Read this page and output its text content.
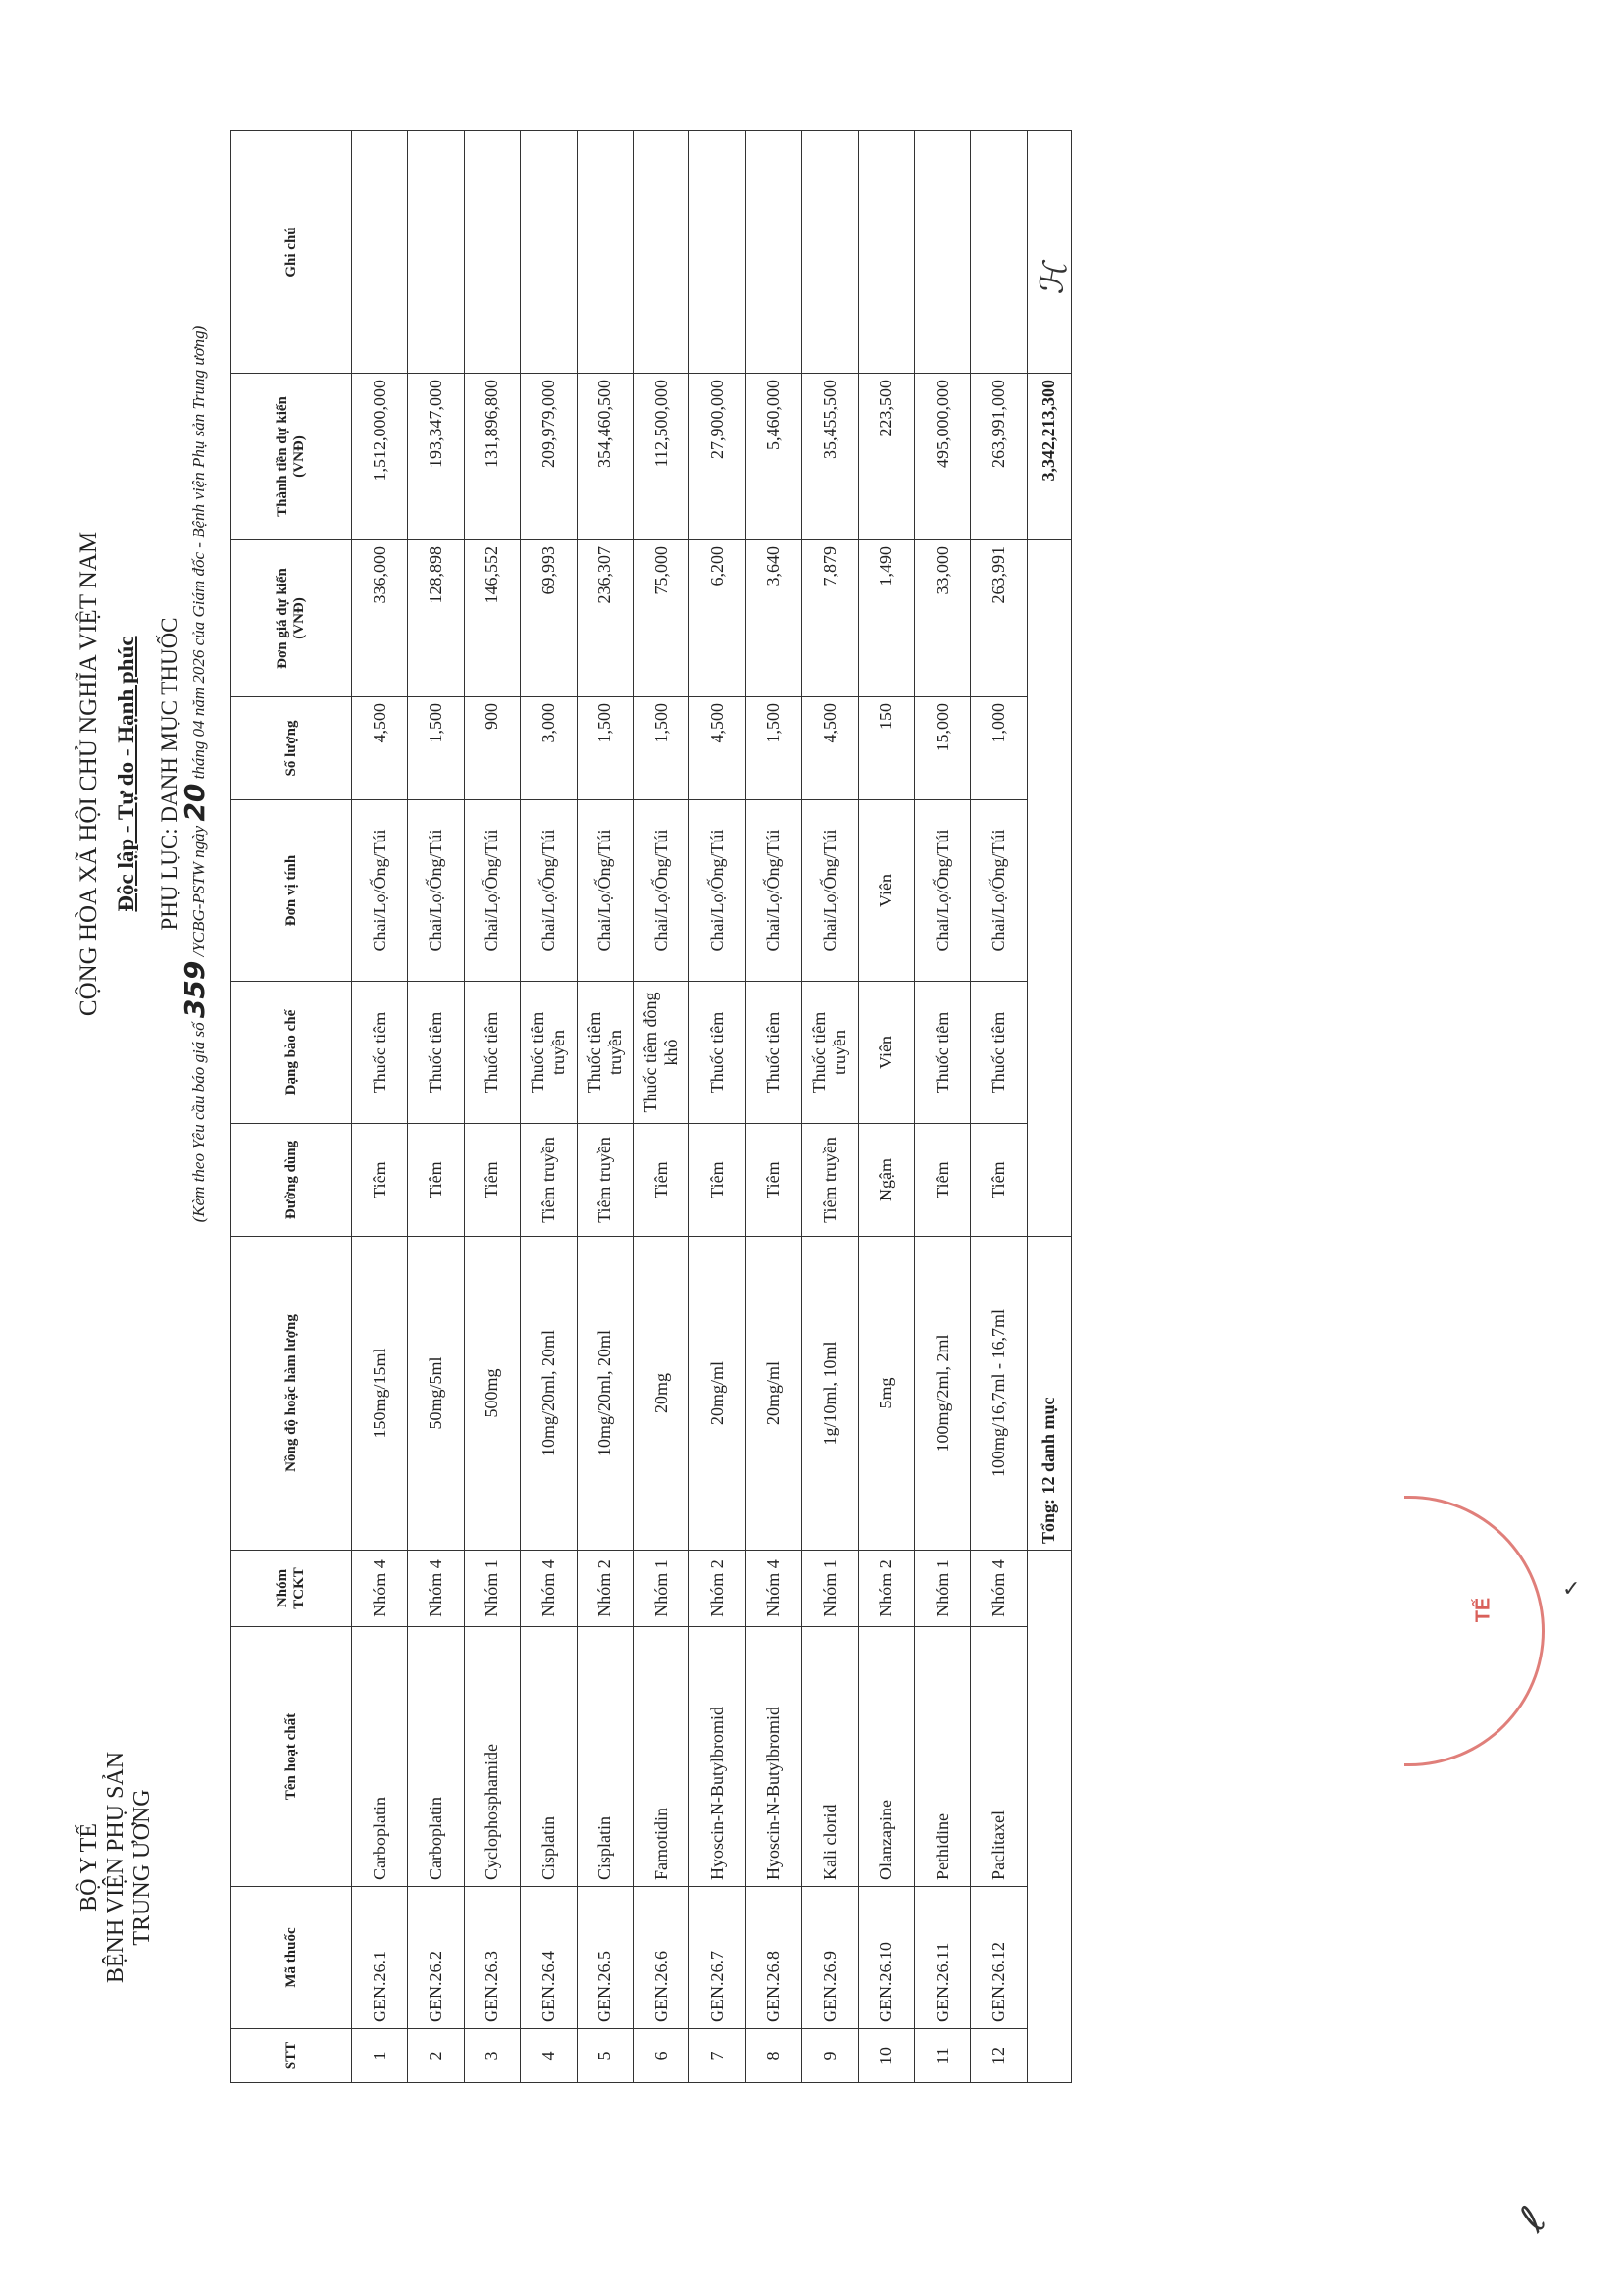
BỘ Y TẾ BỆNH VIỆN PHỤ SẢN TRUNG ƯƠNG
CỘNG HÒA XÃ HỘI CHỦ NGHĨA VIỆT NAM Độc lập - Tự do - Hạnh phúc PHỤ LỤC: DANH MỤC THUỐC
(Kèm theo Yêu cầu báo giá số 359 /YCBG-PSTW ngày 20 tháng 04 năm 2026 của Giám đốc - Bệnh viện Phụ sản Trung ương)
STT	Mã thuốc	Tên hoạt chất	Nhóm TCKT	Nồng độ hoặc hàm lượng	Đường dùng	Dạng bào chế	Đơn vị tính	Số lượng	Đơn giá dự kiến (VNĐ)	Thành tiền dự kiến (VNĐ)	Ghi chú
1	GEN.26.1	Carboplatin	Nhóm 4	150mg/15ml	Tiêm	Thuốc tiêm	Chai/Lọ/Ống/Túi	4,500	336,000	1,512,000,000	
2	GEN.26.2	Carboplatin	Nhóm 4	50mg/5ml	Tiêm	Thuốc tiêm	Chai/Lọ/Ống/Túi	1,500	128,898	193,347,000	
3	GEN.26.3	Cyclophosphamide	Nhóm 1	500mg	Tiêm	Thuốc tiêm	Chai/Lọ/Ống/Túi	900	146,552	131,896,800	
4	GEN.26.4	Cisplatin	Nhóm 4	10mg/20ml, 20ml	Tiêm truyền	Thuốc tiêm truyền	Chai/Lọ/Ống/Túi	3,000	69,993	209,979,000	
5	GEN.26.5	Cisplatin	Nhóm 2	10mg/20ml, 20ml	Tiêm truyền	Thuốc tiêm truyền	Chai/Lọ/Ống/Túi	1,500	236,307	354,460,500	
6	GEN.26.6	Famotidin	Nhóm 1	20mg	Tiêm	Thuốc tiêm đông khô	Chai/Lọ/Ống/Túi	1,500	75,000	112,500,000	
7	GEN.26.7	Hyoscin-N-Butylbromid	Nhóm 2	20mg/ml	Tiêm	Thuốc tiêm	Chai/Lọ/Ống/Túi	4,500	6,200	27,900,000	
8	GEN.26.8	Hyoscin-N-Butylbromid	Nhóm 4	20mg/ml	Tiêm	Thuốc tiêm	Chai/Lọ/Ống/Túi	1,500	3,640	5,460,000	
9	GEN.26.9	Kali clorid	Nhóm 1	1g/10ml, 10ml	Tiêm truyền	Thuốc tiêm truyền	Chai/Lọ/Ống/Túi	4,500	7,879	35,455,500	
10	GEN.26.10	Olanzapine	Nhóm 2	5mg	Ngậm	Viên	Viên	150	1,490	223,500	
11	GEN.26.11	Pethidine	Nhóm 1	100mg/2ml, 2ml	Tiêm	Thuốc tiêm	Chai/Lọ/Ống/Túi	15,000	33,000	495,000,000	
12	GEN.26.12	Paclitaxel	Nhóm 4	100mg/16,7ml - 16,7ml	Tiêm	Thuốc tiêm	Chai/Lọ/Ống/Túi	1,000	263,991	263,991,000	
				Tổng: 12 danh mục						3,342,213,300	
TẾ
ℋ
✓
ℓ
